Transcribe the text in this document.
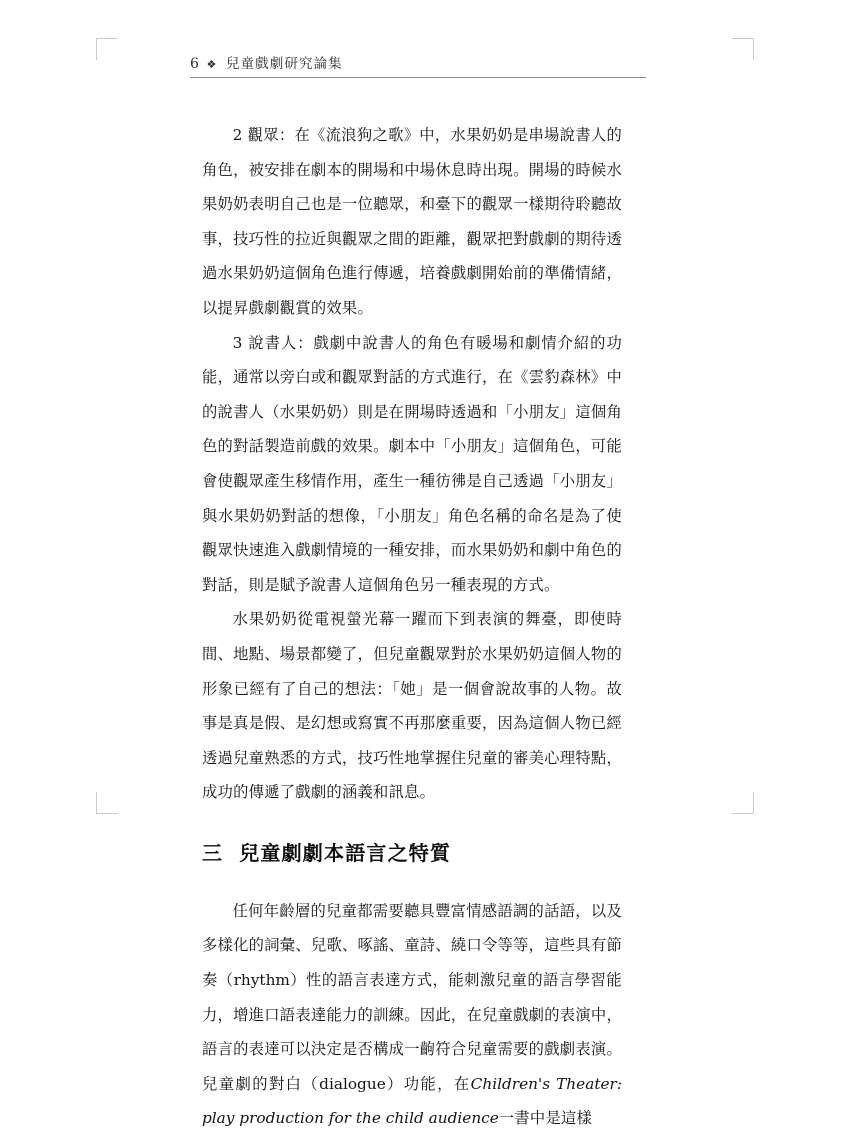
6 ❖ 兒童戲劇研究論集

2 觀眾：在《流浪狗之歌》中，水果奶奶是串場說書人的角色，被安排在劇本的開場和中場休息時出現。開場的時候水果奶奶表明自己也是一位聽眾，和臺下的觀眾一樣期待聆聽故事，技巧性的拉近與觀眾之間的距離，觀眾把對戲劇的期待透過水果奶奶這個角色進行傳遞，培養戲劇開始前的準備情緒，以提昇戲劇觀賞的效果。

3 說書人：戲劇中說書人的角色有暖場和劇情介紹的功能，通常以旁白或和觀眾對話的方式進行，在《雲豹森林》中的說書人（水果奶奶）則是在開場時透過和「小朋友」這個角色的對話製造前戲的效果。劇本中「小朋友」這個角色，可能會使觀眾產生移情作用，產生一種彷彿是自己透過「小朋友」與水果奶奶對話的想像，「小朋友」角色名稱的命名是為了使觀眾快速進入戲劇情境的一種安排，而水果奶奶和劇中角色的對話，則是賦予說書人這個角色另一種表現的方式。

水果奶奶從電視螢光幕一躍而下到表演的舞臺，即使時間、地點、場景都變了，但兒童觀眾對於水果奶奶這個人物的形象已經有了自己的想法：「她」是一個會說故事的人物。故事是真是假、是幻想或寫實不再那麼重要，因為這個人物已經透過兒童熟悉的方式，技巧性地掌握住兒童的審美心理特點，成功的傳遞了戲劇的涵義和訊息。

三 兒童劇劇本語言之特質

任何年齡層的兒童都需要聽具豐富情感語調的話語，以及多樣化的詞彙、兒歌、啄謠、童詩、繞口令等等，這些具有節奏（rhythm）性的語言表達方式，能刺激兒童的語言學習能力，增進口語表達能力的訓練。因此，在兒童戲劇的表演中，語言的表達可以決定是否構成一齣符合兒童需要的戲劇表演。兒童劇的對白（dialogue）功能，在Children's Theater: play production for the child audience一書中是這樣
